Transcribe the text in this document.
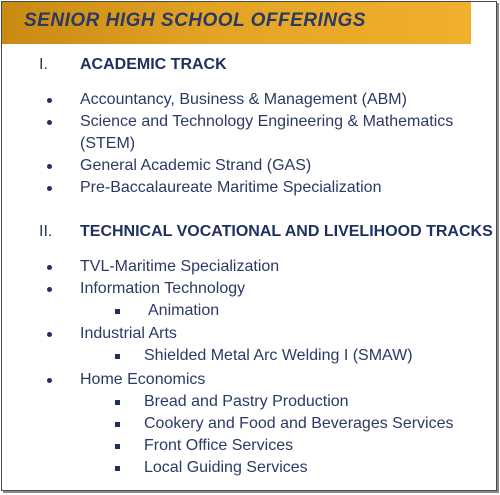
SENIOR HIGH SCHOOL OFFERINGS
I. ACADEMIC TRACK
Accountancy, Business & Management (ABM)
Science and Technology Engineering & Mathematics
(STEM)
General Academic Strand (GAS)
Pre-Baccalaureate Maritime Specialization
II. TECHNICAL VOCATIONAL AND LIVELIHOOD TRACKS
TVL-Maritime Specialization
Information Technology
Animation
Industrial Arts
Shielded Metal Arc Welding I (SMAW)
Home Economics
Bread and Pastry Production
Cookery and Food and Beverages Services
Front Office Services
Local Guiding Services
